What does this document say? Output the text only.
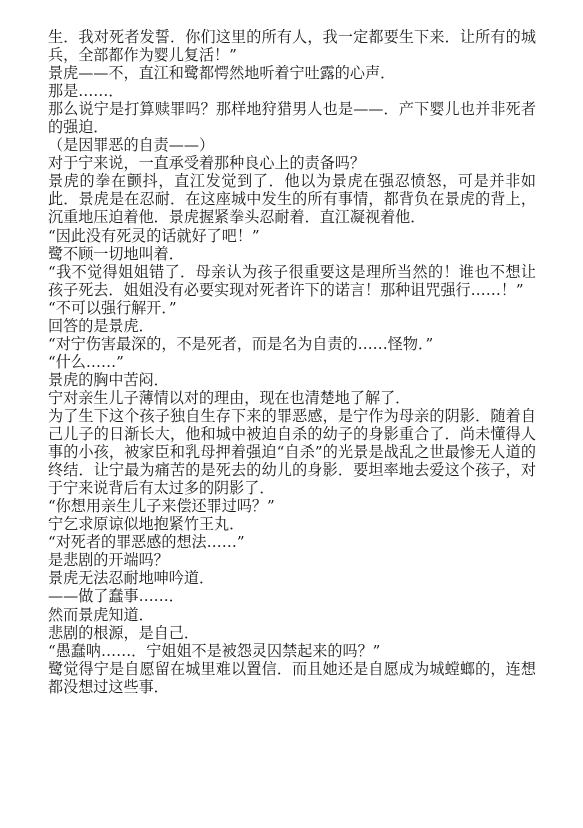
生．我对死者发誓．你们这里的所有人，我一定都要生下来．让所有的城兵，全部都作为婴儿复活！”

景虎——不，直江和鹭都愕然地听着宁吐露的心声．

那是……．

那么说宁是打算赎罪吗？那样地狩猎男人也是——．产下婴儿也并非死者的强迫．

（是因罪恶的自责——）

对于宁来说，一直承受着那种良心上的责备吗？

景虎的拳在颤抖，直江发觉到了．他以为景虎在强忍愤怒，可是并非如此．景虎是在忍耐．在这座城中发生的所有事情，都背负在景虎的背上，沉重地压迫着他．景虎握紧拳头忍耐着．直江凝视着他．

“因此没有死灵的话就好了吧！”

鹭不顾一切地叫着．

“我不觉得姐姐错了．母亲认为孩子很重要这是理所当然的！谁也不想让孩子死去．姐姐没有必要实现对死者许下的诺言！那种诅咒强行……！”

“不可以强行解开．”

回答的是景虎．

“对宁伤害最深的，不是死者，而是名为自责的……怪物．”

“什么……”

景虎的胸中苦闷．

宁对亲生儿子薄情以对的理由，现在也清楚地了解了．

为了生下这个孩子独自生存下来的罪恶感，是宁作为母亲的阴影．随着自己儿子的日渐长大，他和城中被迫自杀的幼子的身影重合了．尚未懂得人事的小孩，被家臣和乳母押着强迫“自杀”的光景是战乱之世最惨无人道的终结．让宁最为痛苦的是死去的幼儿的身影．要坦率地去爱这个孩子，对于宁来说背后有太过多的阴影了．

“你想用亲生儿子来偿还罪过吗？”

宁乞求原谅似地抱紧竹王丸．

“对死者的罪恶感的想法……”

是悲剧的开端吗？

景虎无法忍耐地呻吟道．

——做了蠢事……．

然而景虎知道．

悲剧的根源，是自己．

“愚蠢呐……．宁姐姐不是被怨灵囚禁起来的吗？”

鹭觉得宁是自愿留在城里难以置信．而且她还是自愿成为城螳螂的，连想都没想过这些事．
